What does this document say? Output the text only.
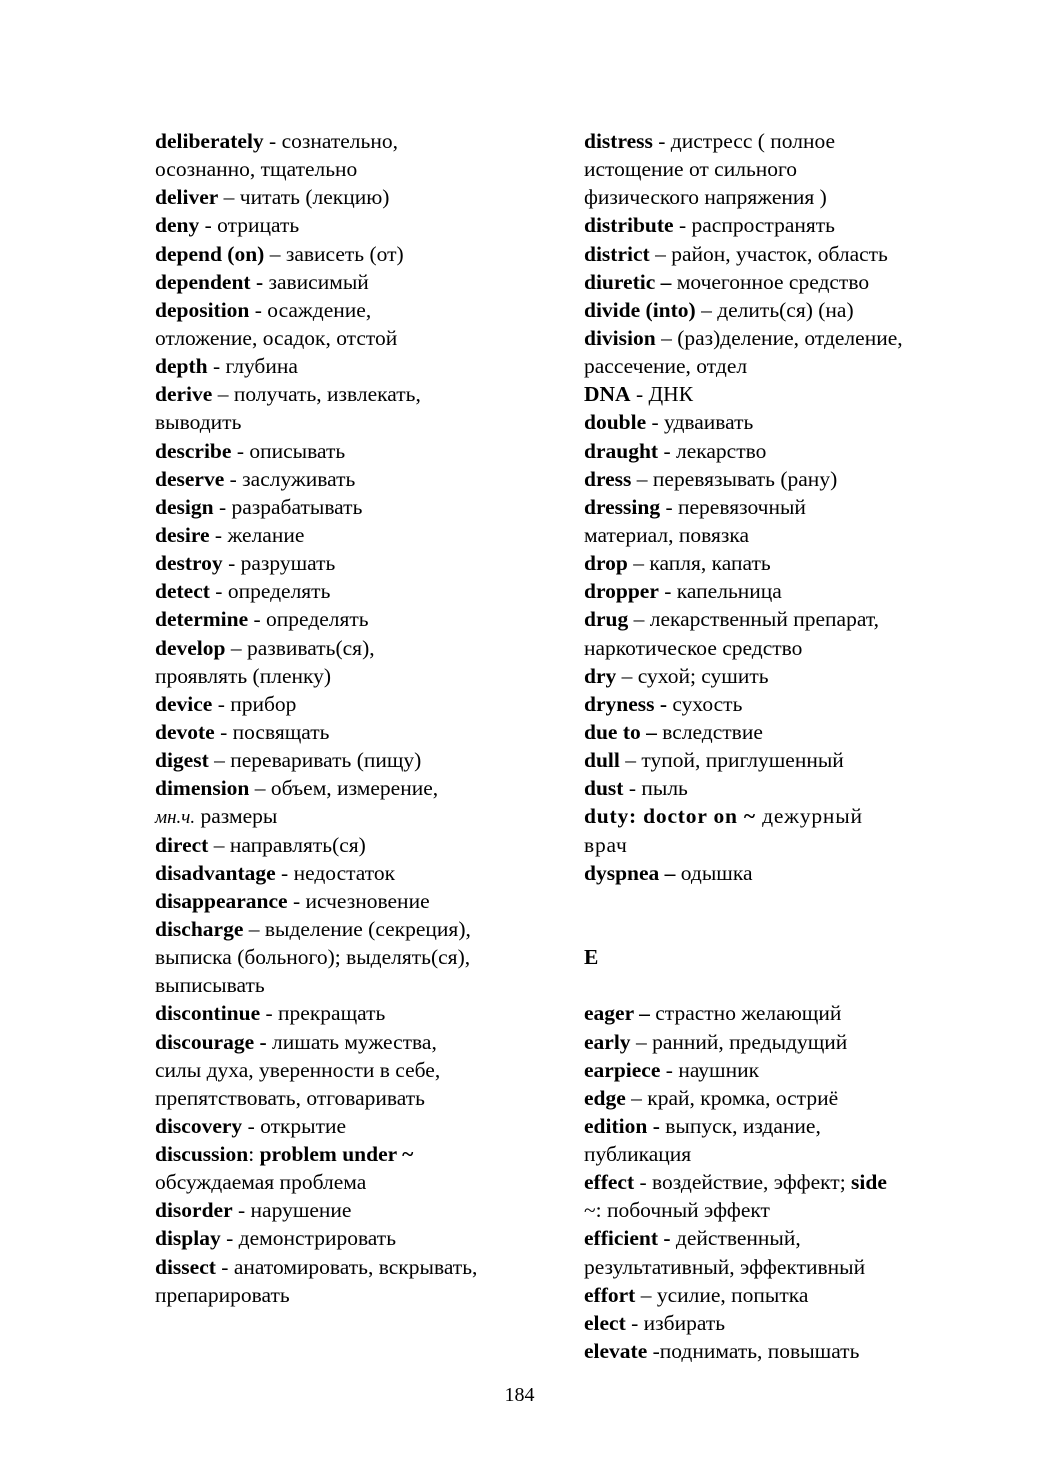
deliberately - сознательно,
осознанно, тщательно
deliver – читать (лекцию)
deny - отрицать
depend (on) – зависеть (от)
dependent - зависимый
deposition - осаждение,
отложение, осадок, отстой
depth - глубина
derive – получать, извлекать,
выводить
describe - описывать
deserve - заслуживать
design - разрабатывать
desire - желание
destroy - разрушать
detect - определять
determine - определять
develop – развивать(ся),
проявлять (пленку)
device - прибор
devote - посвящать
digest – переваривать (пищу)
dimension – объем, измерение,
мн.ч. размеры
direct – направлять(ся)
disadvantage - недостаток
disappearance - исчезновение
discharge – выделение (секреция),
выписка (больного); выделять(ся),
выписывать
discontinue - прекращать
discourage - лишать мужества,
силы духа, уверенности в себе,
препятствовать, отговаривать
discovery - открытие
discussion: problem under ~
обсуждаемая проблема
disorder - нарушение
display - демонстрировать
dissect - анатомировать, вскрывать,
препарировать
distress - дистресс ( полное
истощение от сильного
физического напряжения )
distribute - распространять
district – район, участок, область
diuretic – мочегонное средство
divide (into) – делить(ся) (на)
division – (раз)деление, отделение,
рассечение, отдел
DNA - ДНК
double - удваивать
draught - лекарство
dress – перевязывать (рану)
dressing - перевязочный
материал, повязка
drop – капля, капать
dropper - капельница
drug – лекарственный препарат,
наркотическое средство
dry – сухой; сушить
dryness - сухость
due to – вследствие
dull – тупой, приглушенный
dust - пыль
duty: doctor on ~ дежурный
врач
dyspnea – одышка
E
eager – страстно желающий
early – ранний, предыдущий
earpiece - наушник
edge – край, кромка, остриё
edition - выпуск, издание,
публикация
effect - воздействие, эффект; side
~: побочный эффект
efficient - действенный,
результативный, эффективный
effort – усилие, попытка
elect - избирать
elevate -поднимать, повышать
184
